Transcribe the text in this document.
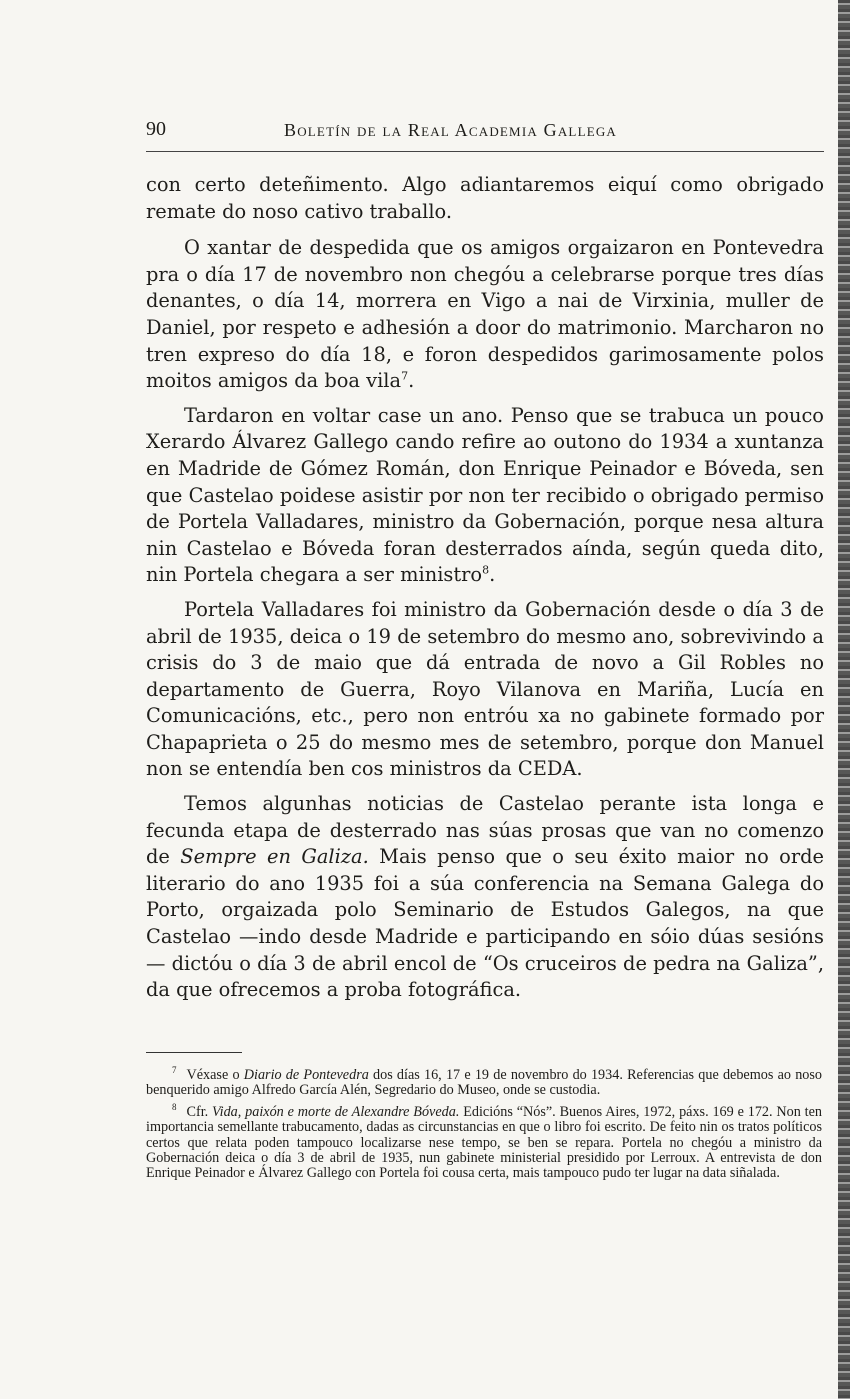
90	Boletín de la Real Academia Gallega

con certo deteñimento. Algo adiantaremos eiquí como obrigado remate do noso cativo traballo.

O xantar de despedida que os amigos orgaizaron en Pontevedra pra o día 17 de novembro non chegóu a celebrarse porque tres días denantes, o día 14, morrera en Vigo a nai de Virxinia, muller de Daniel, por respeto e adhesión a door do matrimonio. Marcharon no tren expreso do día 18, e foron despedidos garimosamente polos moitos amigos da boa vila$^7$.

Tardaron en voltar case un ano. Penso que se trabuca un pouco Xerardo Álvarez Gallego cando refire ao outono do 1934 a xuntanza en Madride de Gómez Román, don Enrique Peinador e Bóveda, sen que Castelao poidese asistir por non ter recibido o obrigado permiso de Portela Valladares, ministro da Gobernación, porque nesa altura nin Castelao e Bóveda foran desterrados aínda, según queda dito, nin Portela chegara a ser ministro$^8$.

Portela Valladares foi ministro da Gobernación desde o día 3 de abril de 1935, deica o 19 de setembro do mesmo ano, sobrevivindo a crisis do 3 de maio que dá entrada de novo a Gil Robles no departamento de Guerra, Royo Vilanova en Mariña, Lucía en Comunicacións, etc., pero non entróu xa no gabinete formado por Chapaprieta o 25 do mesmo mes de setembro, porque don Manuel non se entendía ben cos ministros da CEDA.

Temos algunhas noticias de Castelao perante ista longa e fecunda etapa de desterrado nas súas prosas que van no comenzo de Sempre en Galiza. Mais penso que o seu éxito maior no orde literario do ano 1935 foi a súa conferencia na Semana Galega do Porto, orgaizada polo Seminario de Estudos Galegos, na que Castelao —indo desde Madride e participando en sóio dúas sesións— dictóu o día 3 de abril encol de “Os cruceiros de pedra na Galiza”, da que ofrecemos a proba fotográfica.

$^7$ Véxase o Diario de Pontevedra dos días 16, 17 e 19 de novembro do 1934. Referencias que debemos ao noso benquerido amigo Alfredo García Alén, Segredario do Museo, onde se custodia.

$^8$ Cfr. Vida, paixón e morte de Alexandre Bóveda. Edicións “Nós”. Buenos Aires, 1972, páxs. 169 e 172. Non ten importancia semellante trabucamento, dadas as circunstancias en que o libro foi escrito. De feito nin os tratos políticos certos que relata poden tampouco localizarse nese tempo, se ben se repara. Portela no chegóu a ministro da Gobernación deica o día 3 de abril de 1935, nun gabinete ministerial presidido por Lerroux. A entrevista de don Enrique Peinador e Álvarez Gallego con Portela foi cousa certa, mais tampouco pudo ter lugar na data siñalada.
